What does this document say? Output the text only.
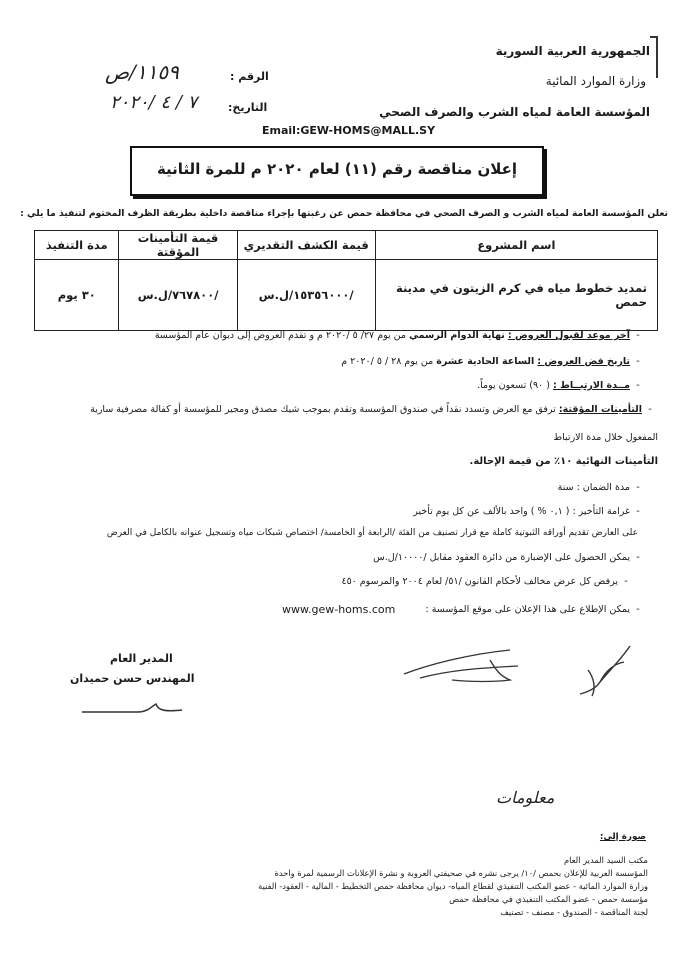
الجمهورية العربية السورية
وزارة الموارد المائية
المؤسسة العامة لمياه الشرب والصرف الصحي
الرقم :
١١٥٩/ص
التاريخ:
٧ / ٤ /٢٠٢٠
Email:GEW-HOMS@MALL.SY
إعلان مناقصة رقم (١١) لعام ٢٠٢٠ م للمرة الثانية
تعلن المؤسسة العامة لمياه الشرب و الصرف الصحي في محافظة حمص عن رغبتها بإجراء مناقصة داخلية بطريقة الظرف المختوم لتنفيذ ما يلي :
اسم المشروع	قيمة الكشف التقديري	قيمة التأمينات المؤقتة	مدة التنفيذ
تمديد خطوط مياه في كرم الزيتون في مدينة حمص	/١٥٣٥٦٠٠٠/ل.س	/٧٦٧٨٠٠/ل.س	٣٠ يوم
-آخر موعد لقبول العروض : نهاية الدوام الرسمي من يوم ٢٧/ ٥ /٢٠٢٠ م و تقدم العروض إلى ديوان عام المؤسسة
-تاريخ فض العروض : الساعة الحادية عشرة من يوم ٢٨ / ٥ /٢٠٢٠ م
-مــدة الارتبــاط : ( ٩٠) تسعون يوماً.
-التأمينات المؤقتة: ترفق مع العرض وتسدد نقداً في صندوق المؤسسة وتقدم بموجب شيك مصدق ومجير للمؤسسة أو كفالة مصرفية سارية
المفعول خلال مدة الارتباط
التأمينات النهائية ١٠٪ من قيمة الإحالة.
-مدة الضمان : سنة
-غرامة التأخير : ( ٠,١ % ) واحد بالألف عن كل يوم تأخير
على العارض تقديم أوراقه الثبوتية كاملة مع قرار تصنيف من الفئة /الرابعة أو الخامسة/ اختصاص شبكات مياه وتسجيل عنوانه بالكامل في العرض
-يمكن الحصول على الإضبارة من دائرة العقود مقابل /١٠٠٠٠/ل.س
-يرفض كل عرض مخالف لأحكام القانون /٥١/ لعام ٢٠٠٤ والمرسوم ٤٥٠
-يمكن الإطلاع على هذا الإعلان على موقع المؤسسة :
www.gew-homs.com
المدير العام
المهندس حسن حميدان
معلومات
صورة إلى:
مكتب السيد المدير العام
المؤسسة العربية للإعلان بحمص /١٠/ يرجى نشره في صحيفتي العروبة و نشرة الإعلانات الرسمية لمرة واحدة
وزارة الموارد المائية - عضو المكتب التنفيذي لقطاع المياه- ديوان محافظة حمص التخطيط - المالية - العقود- الفنية
مؤسسة حمص - عضو المكتب التنفيذي في محافظة حمص
لجنة المناقصة - الصندوق - مصنف - تصنيف
